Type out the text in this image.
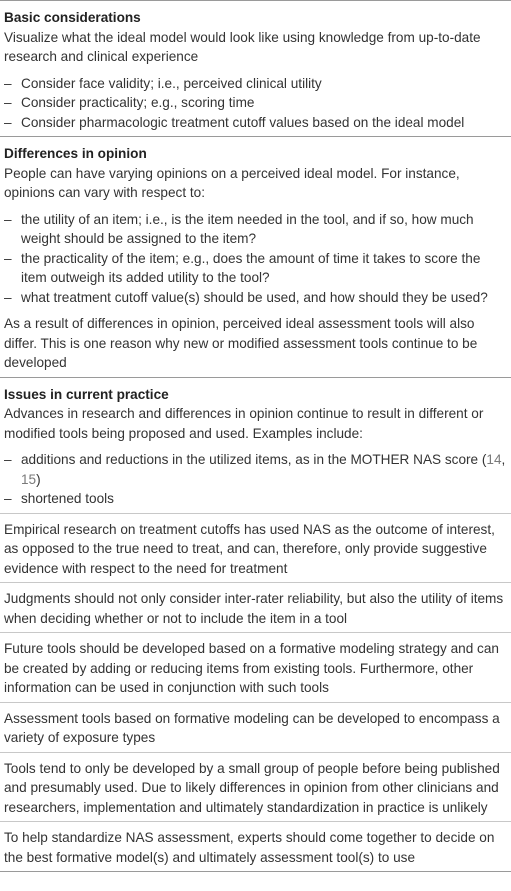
Basic considerations

Visualize what the ideal model would look like using knowledge from up-to-date research and clinical experience

– Consider face validity; i.e., perceived clinical utility
– Consider practicality; e.g., scoring time
– Consider pharmacologic treatment cutoff values based on the ideal model

Differences in opinion

People can have varying opinions on a perceived ideal model. For instance, opinions can vary with respect to:

– the utility of an item; i.e., is the item needed in the tool, and if so, how much weight should be assigned to the item?
– the practicality of the item; e.g., does the amount of time it takes to score the item outweigh its added utility to the tool?
– what treatment cutoff value(s) should be used, and how should they be used?

As a result of differences in opinion, perceived ideal assessment tools will also differ. This is one reason why new or modified assessment tools continue to be developed

Issues in current practice

Advances in research and differences in opinion continue to result in different or modified tools being proposed and used. Examples include:

– additions and reductions in the utilized items, as in the MOTHER NAS score (14, 15)
– shortened tools

Empirical research on treatment cutoffs has used NAS as the outcome of interest, as opposed to the true need to treat, and can, therefore, only provide suggestive evidence with respect to the need for treatment

Judgments should not only consider inter-rater reliability, but also the utility of items when deciding whether or not to include the item in a tool

Future tools should be developed based on a formative modeling strategy and can be created by adding or reducing items from existing tools. Furthermore, other information can be used in conjunction with such tools

Assessment tools based on formative modeling can be developed to encompass a variety of exposure types

Tools tend to only be developed by a small group of people before being published and presumably used. Due to likely differences in opinion from other clinicians and researchers, implementation and ultimately standardization in practice is unlikely

To help standardize NAS assessment, experts should come together to decide on the best formative model(s) and ultimately assessment tool(s) to use
